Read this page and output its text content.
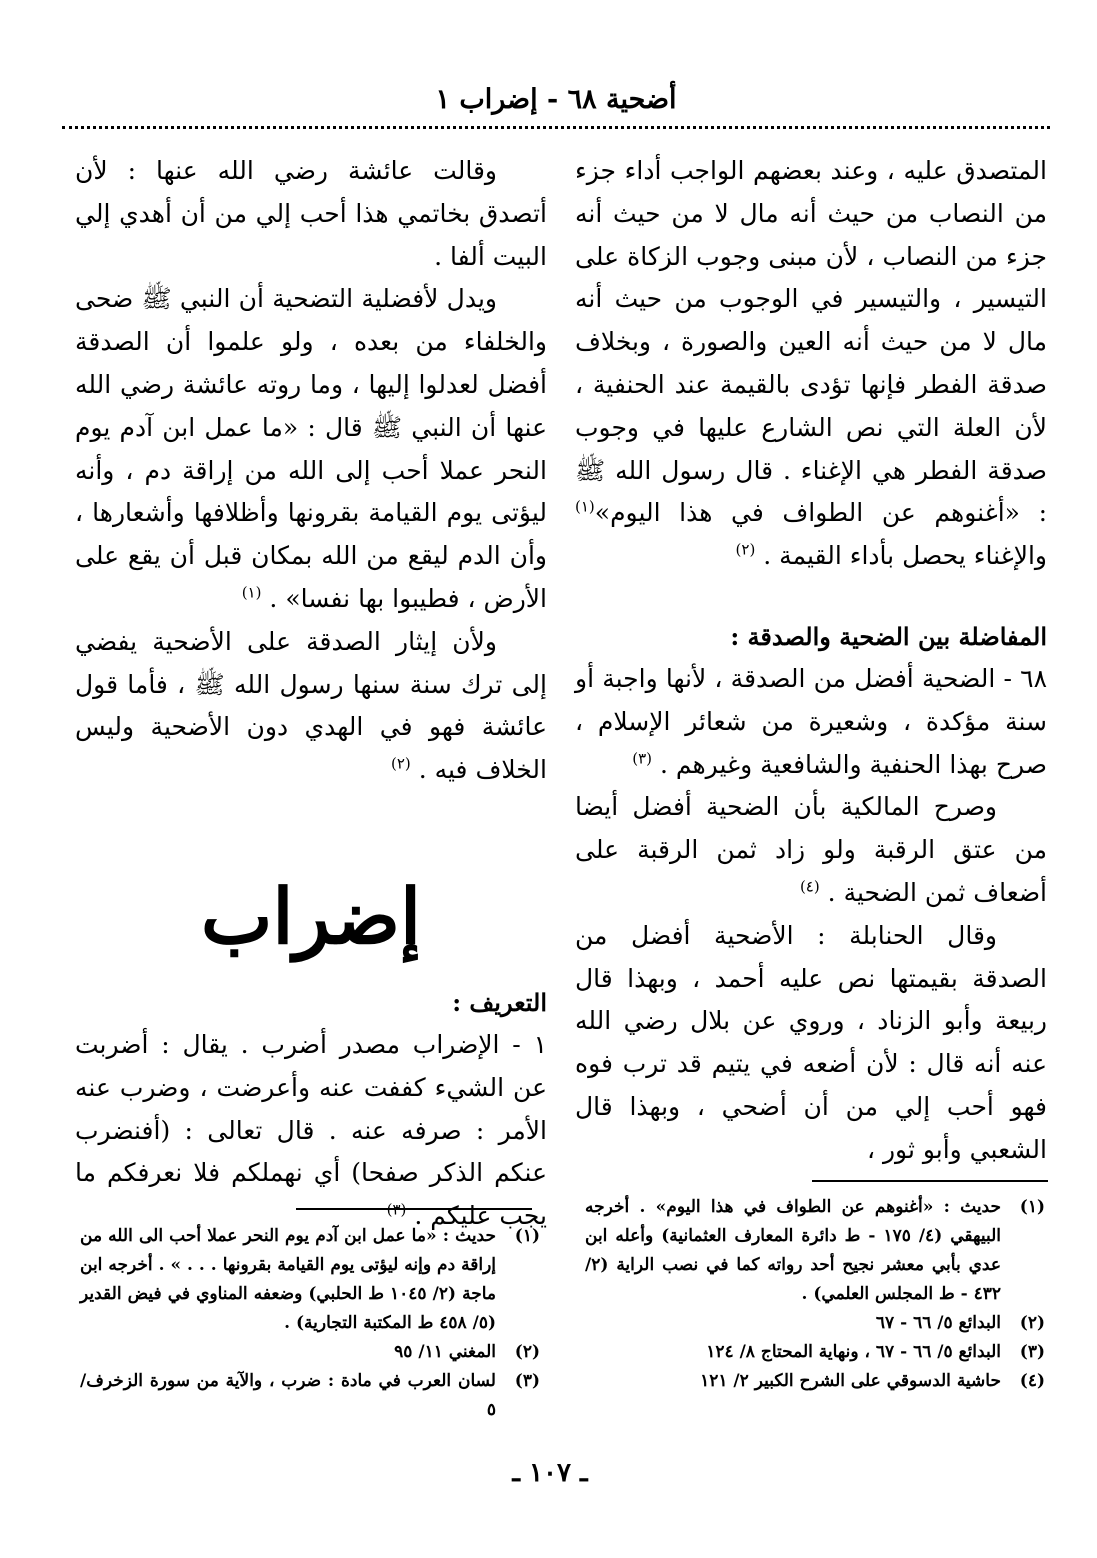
أضحية ٦٨ - إضراب ١

المتصدق عليه ، وعند بعضهم الواجب أداء جزء من النصاب من حيث أنه مال لا من حيث أنه جزء من النصاب ، لأن مبنى وجوب الزكاة على التيسير ، والتيسير في الوجوب من حيث أنه مال لا من حيث أنه العين والصورة ، وبخلاف صدقة الفطر فإنها تؤدى بالقيمة عند الحنفية ، لأن العلة التي نص الشارع عليها في وجوب صدقة الفطر هي الإغناء . قال رسول الله ﷺ : «أغنوهم عن الطواف في هذا اليوم»$^{(١)}$ والإغناء يحصل بأداء القيمة . $^{(٢)}$

المفاضلة بين الضحية والصدقة :

٦٨ - الضحية أفضل من الصدقة ، لأنها واجبة أو سنة مؤكدة ، وشعيرة من شعائر الإسلام ، صرح بهذا الحنفية والشافعية وغيرهم . $^{(٣)}$

وصرح المالكية بأن الضحية أفضل أيضا من عتق الرقبة ولو زاد ثمن الرقبة على أضعاف ثمن الضحية . $^{(٤)}$

وقال الحنابلة : الأضحية أفضل من الصدقة بقيمتها نص عليه أحمد ، وبهذا قال ربيعة وأبو الزناد ، وروي عن بلال رضي الله عنه أنه قال : لأن أضعه في يتيم قد ترب فوه فهو أحب إلي من أن أضحي ، وبهذا قال الشعبي وأبو ثور ،

وقالت عائشة رضي الله عنها : لأن أتصدق بخاتمي هذا أحب إلي من أن أهدي إلي البيت ألفا .

ويدل لأفضلية التضحية أن النبي ﷺ ضحى والخلفاء من بعده ، ولو علموا أن الصدقة أفضل لعدلوا إليها ، وما روته عائشة رضي الله عنها أن النبي ﷺ قال : «ما عمل ابن آدم يوم النحر عملا أحب إلى الله من إراقة دم ، وأنه ليؤتى يوم القيامة بقرونها وأظلافها وأشعارها ، وأن الدم ليقع من الله بمكان قبل أن يقع على الأرض ، فطيبوا بها نفسا» . $^{(١)}$

ولأن إيثار الصدقة على الأضحية يفضي إلى ترك سنة سنها رسول الله ﷺ ، فأما قول عائشة فهو في الهدي دون الأضحية وليس الخلاف فيه . $^{(٢)}$

إضراب

التعريف :

١ - الإضراب مصدر أضرب . يقال : أضربت عن الشيء كففت عنه وأعرضت ، وضرب عنه الأمر : صرفه عنه . قال تعالى : (أفنضرب عنكم الذكر صفحا) أي نهملكم فلا نعرفكم ما يجب عليكم . $^{(٣)}$	(١)
حديث : «أغنوهم عن الطواف في هذا اليوم» . أخرجه البيهقي (٤/ ١٧٥ - ط دائرة المعارف العثمانية) وأعله ابن عدي بأبي معشر نجيح أحد رواته كما في نصب الراية (٢/ ٤٣٢ - ط المجلس العلمي) .
(٢)
البدائع ٥/ ٦٦ - ٦٧
(٣)
البدائع ٥/ ٦٦ - ٦٧ ، ونهاية المحتاج ٨/ ١٢٤
(٤)
حاشية الدسوقي على الشرح الكبير ٢/ ١٢١
(١)
حديث : «ما عمل ابن آدم يوم النحر عملا أحب الى الله من إراقة دم وإنه ليؤتى يوم القيامة بقرونها . . . » . أخرجه ابن ماجة (٢/ ١٠٤٥ ط الحلبي) وضعفه المناوي في فيض القدير (٥/ ٤٥٨ ط المكتبة التجارية) .
(٢)
المغني ١١/ ٩٥
(٣)
لسان العرب في مادة : ضرب ، والآية من سورة الزخرف/ ٥
ـ ١٠٧ ـ
